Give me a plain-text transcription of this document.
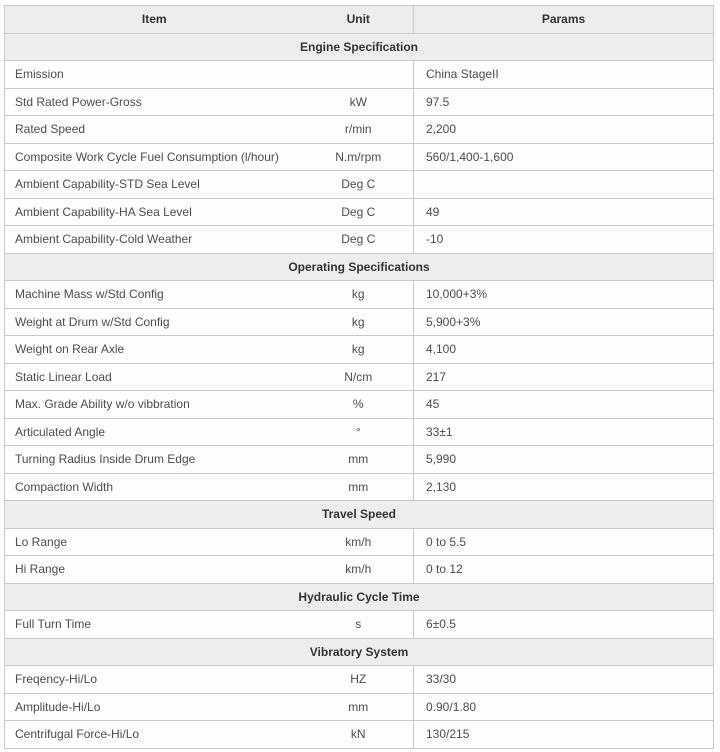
Item	Unit	Params
Engine Specification		
Emission		China StageII
Std Rated Power-Gross	kW	97.5
Rated Speed	r/min	2,200
Composite Work Cycle Fuel Consumption (l/hour)	N.m/rpm	560/1,400-1,600
Ambient Capability-STD Sea Level	Deg C	
Ambient Capability-HA Sea Level	Deg C	49
Ambient Capability-Cold Weather	Deg C	-10
Operating Specifications		
Machine Mass w/Std Config	kg	10,000+3%
Weight at Drum w/Std Config	kg	5,900+3%
Weight on Rear Axle	kg	4,100
Static Linear Load	N/cm	217
Max. Grade Ability w/o vibbration	%	45
Articulated Angle	°	33±1
Turning Radius Inside Drum Edge	mm	5,990
Compaction Width	mm	2,130
Travel Speed		
Lo Range	km/h	0 to 5.5
Hi Range	km/h	0 to 12
Hydraulic Cycle Time		
Full Turn Time	s	6±0.5
Vibratory System		
Freqency-Hi/Lo	HZ	33/30
Amplitude-Hi/Lo	mm	0.90/1.80
Centrifugal Force-Hi/Lo	kN	130/215
